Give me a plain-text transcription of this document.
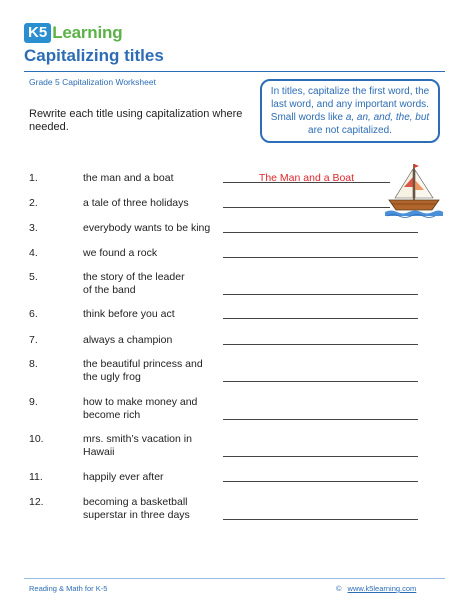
K5 Learning
Capitalizing titles
Grade 5 Capitalization Worksheet
In titles, capitalize the first word, the last word, and any important words. Small words like a, an, and, the, but are not capitalized.
Rewrite each title using capitalization where needed.
1.	the man and a boat	The Man and a Boat
2.	a tale of three holidays
3.	everybody wants to be king
4.	we found a rock
5.	the story of the leader
of the band
6.	think before you act
7.	always a champion
8.	the beautiful princess and
the ugly frog
9.	how to make money and
become rich
10.	mrs. smith’s vacation in
Hawaii
11.	happily ever after
12.	becoming a basketball
superstar in three days
Reading & Math for K-5	© www.k5learning.com
